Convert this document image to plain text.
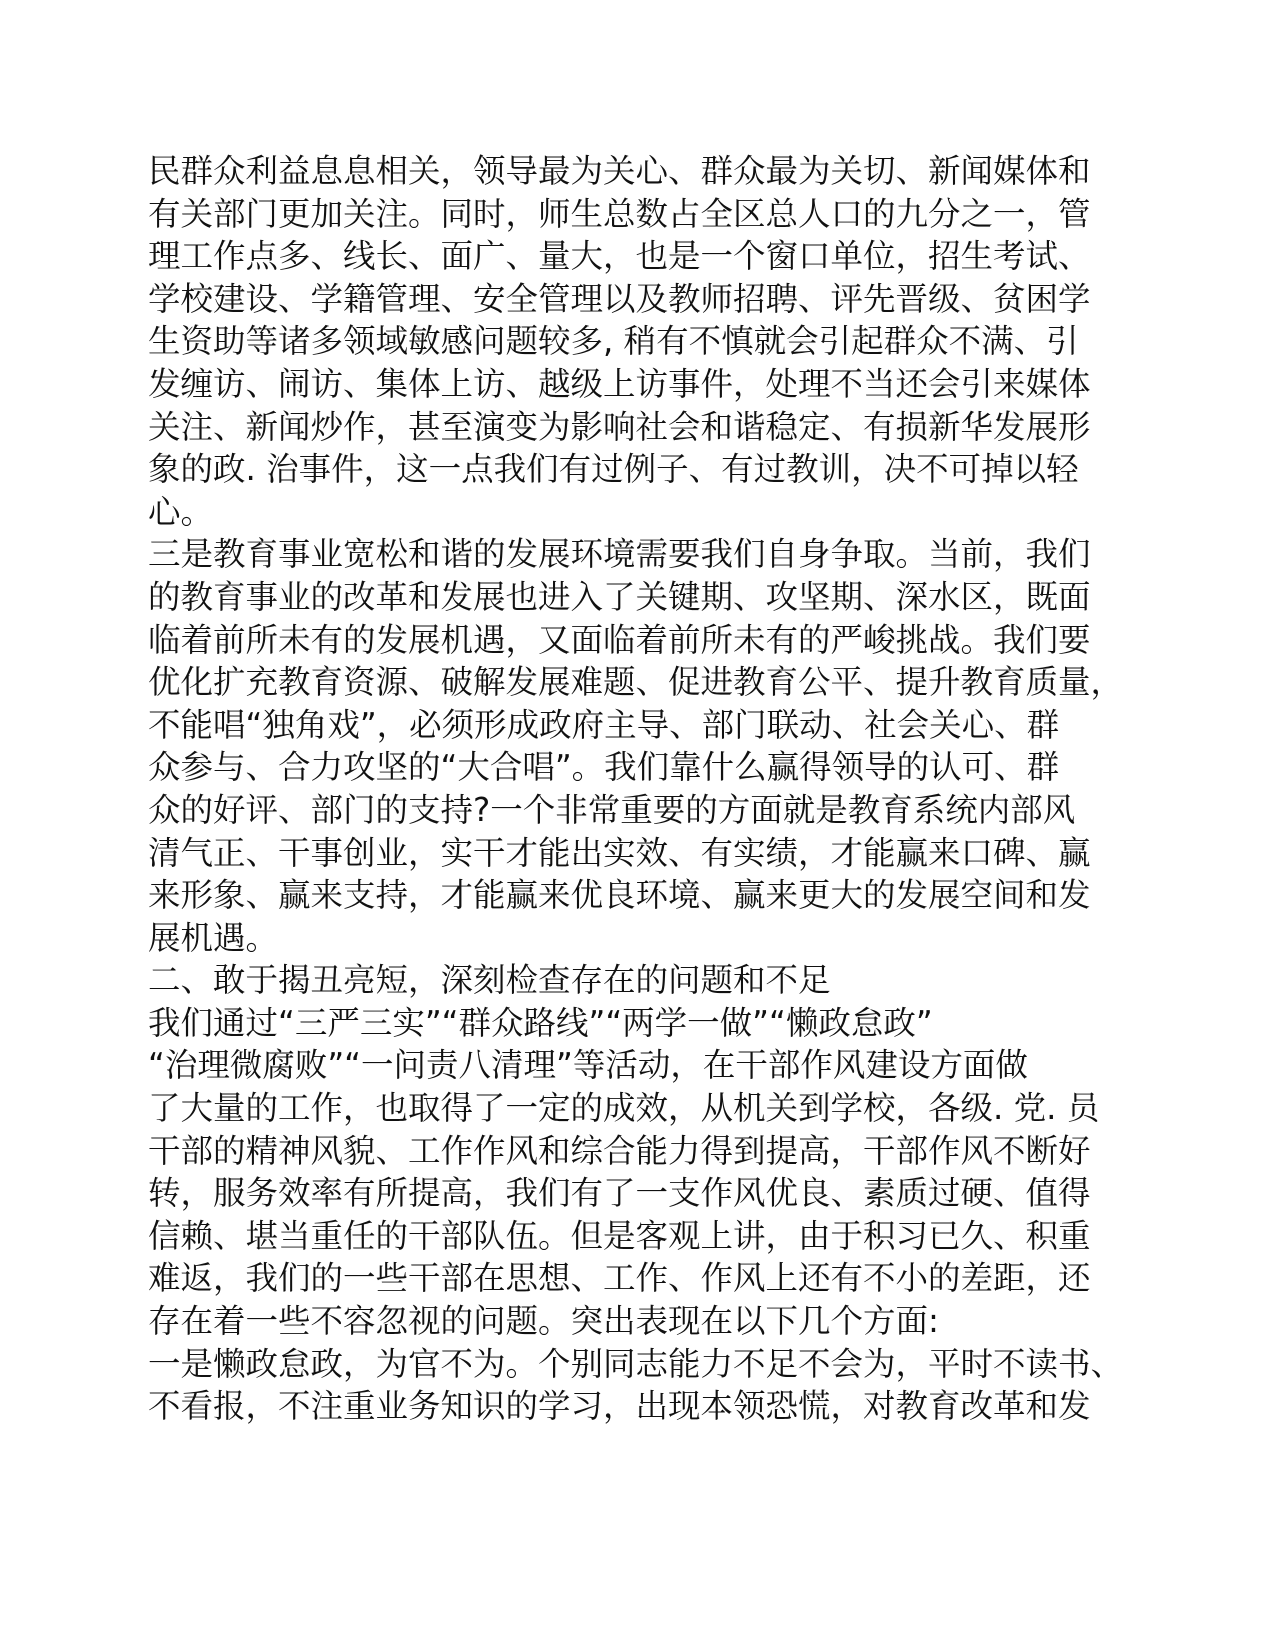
民群众利益息息相关，领导最为关心、群众最为关切、新闻媒体和
有关部门更加关注。同时，师生总数占全区总人口的九分之一，管
理工作点多、线长、面广、量大，也是一个窗口单位，招生考试、
学校建设、学籍管理、安全管理以及教师招聘、评先晋级、贫困学
生资助等诸多领域敏感问题较多, 稍有不慎就会引起群众不满、引
发缠访、闹访、集体上访、越级上访事件，处理不当还会引来媒体
关注、新闻炒作，甚至演变为影响社会和谐稳定、有损新华发展形
象的政. 治事件，这一点我们有过例子、有过教训，决不可掉以轻
心。
三是教育事业宽松和谐的发展环境需要我们自身争取。当前，我们
的教育事业的改革和发展也进入了关键期、攻坚期、深水区，既面
临着前所未有的发展机遇，又面临着前所未有的严峻挑战。我们要
优化扩充教育资源、破解发展难题、促进教育公平、提升教育质量，
不能唱“独角戏”，必须形成政府主导、部门联动、社会关心、群
众参与、合力攻坚的“大合唱”。我们靠什么赢得领导的认可、群
众的好评、部门的支持?一个非常重要的方面就是教育系统内部风
清气正、干事创业，实干才能出实效、有实绩，才能赢来口碑、赢
来形象、赢来支持，才能赢来优良环境、赢来更大的发展空间和发
展机遇。
二、敢于揭丑亮短，深刻检查存在的问题和不足
我们通过“三严三实”“群众路线”“两学一做”“懒政怠政”
“治理微腐败”“一问责八清理”等活动，在干部作风建设方面做
了大量的工作，也取得了一定的成效，从机关到学校，各级. 党. 员
干部的精神风貌、工作作风和综合能力得到提高，干部作风不断好
转，服务效率有所提高，我们有了一支作风优良、素质过硬、值得
信赖、堪当重任的干部队伍。但是客观上讲，由于积习已久、积重
难返，我们的一些干部在思想、工作、作风上还有不小的差距，还
存在着一些不容忽视的问题。突出表现在以下几个方面:
一是懒政怠政，为官不为。个别同志能力不足不会为，平时不读书、
不看报，不注重业务知识的学习，出现本领恐慌，对教育改革和发
